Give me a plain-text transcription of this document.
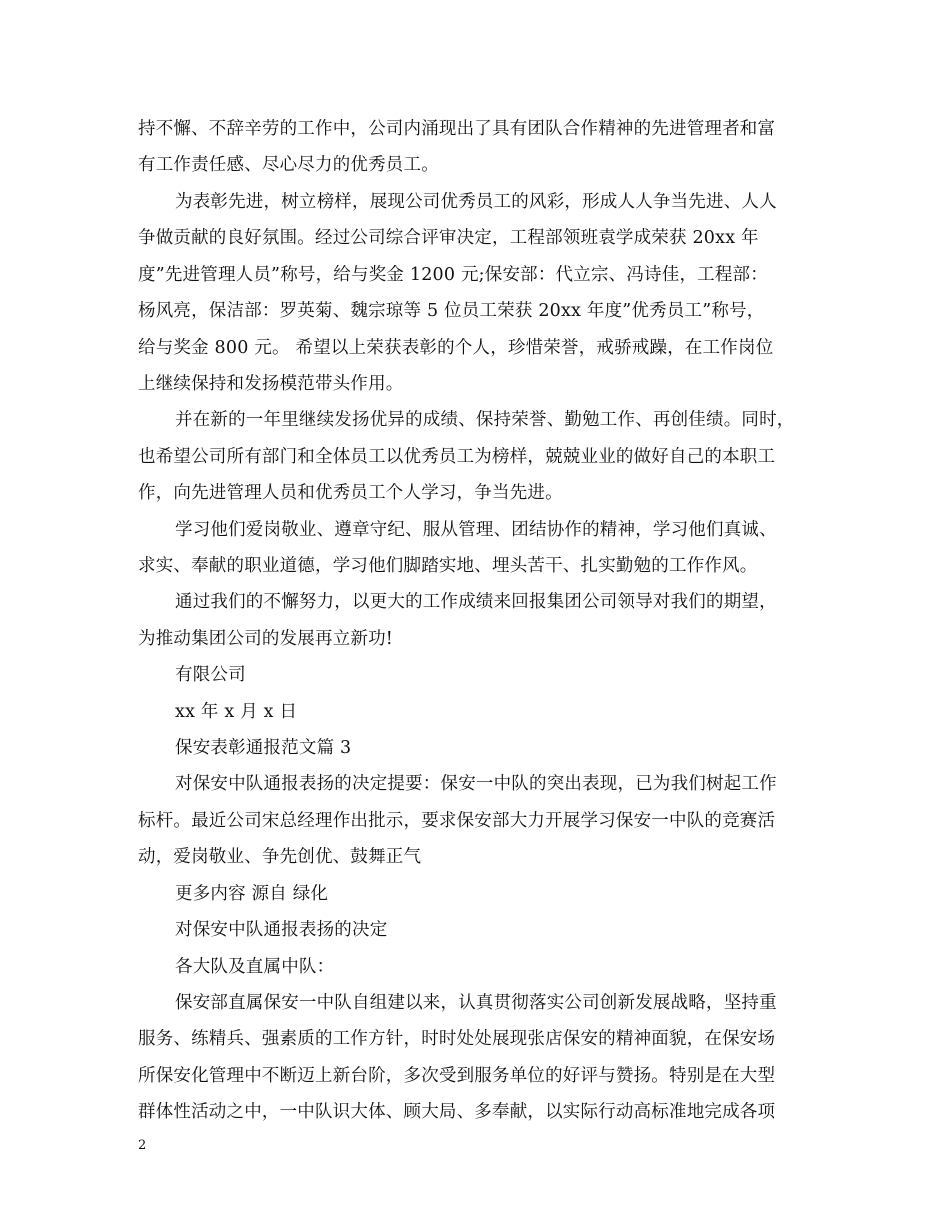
持不懈、不辞辛劳的工作中，公司内涌现出了具有团队合作精神的先进管理者和富
有工作责任感、尽心尽力的优秀员工。
为表彰先进，树立榜样，展现公司优秀员工的风彩，形成人人争当先进、人人
争做贡献的良好氛围。经过公司综合评审决定，工程部领班袁学成荣获 20xx 年
度”先进管理人员”称号，给与奖金 1200 元;保安部：代立宗、冯诗佳，工程部：
杨风亮，保洁部：罗英菊、魏宗琼等 5 位员工荣获 20xx 年度”优秀员工”称号，
给与奖金 800 元。 希望以上荣获表彰的个人，珍惜荣誉，戒骄戒躁，在工作岗位
上继续保持和发扬模范带头作用。
并在新的一年里继续发扬优异的成绩、保持荣誉、勤勉工作、再创佳绩。同时，
也希望公司所有部门和全体员工以优秀员工为榜样，兢兢业业的做好自己的本职工
作，向先进管理人员和优秀员工个人学习，争当先进。
学习他们爱岗敬业、遵章守纪、服从管理、团结协作的精神，学习他们真诚、
求实、奉献的职业道德，学习他们脚踏实地、埋头苦干、扎实勤勉的工作作风。
通过我们的不懈努力，以更大的工作成绩来回报集团公司领导对我们的期望，
为推动集团公司的发展再立新功!
有限公司
xx 年 x 月 x 日
保安表彰通报范文篇 3
对保安中队通报表扬的决定提要：保安一中队的突出表现，已为我们树起工作
标杆。最近公司宋总经理作出批示，要求保安部大力开展学习保安一中队的竞赛活
动，爱岗敬业、争先创优、鼓舞正气
更多内容 源自 绿化
对保安中队通报表扬的决定
各大队及直属中队：
保安部直属保安一中队自组建以来，认真贯彻落实公司创新发展战略，坚持重
服务、练精兵、强素质的工作方针，时时处处展现张店保安的精神面貌，在保安场
所保安化管理中不断迈上新台阶，多次受到服务单位的好评与赞扬。特别是在大型
群体性活动之中，一中队识大体、顾大局、多奉献，以实际行动高标准地完成各项
2
